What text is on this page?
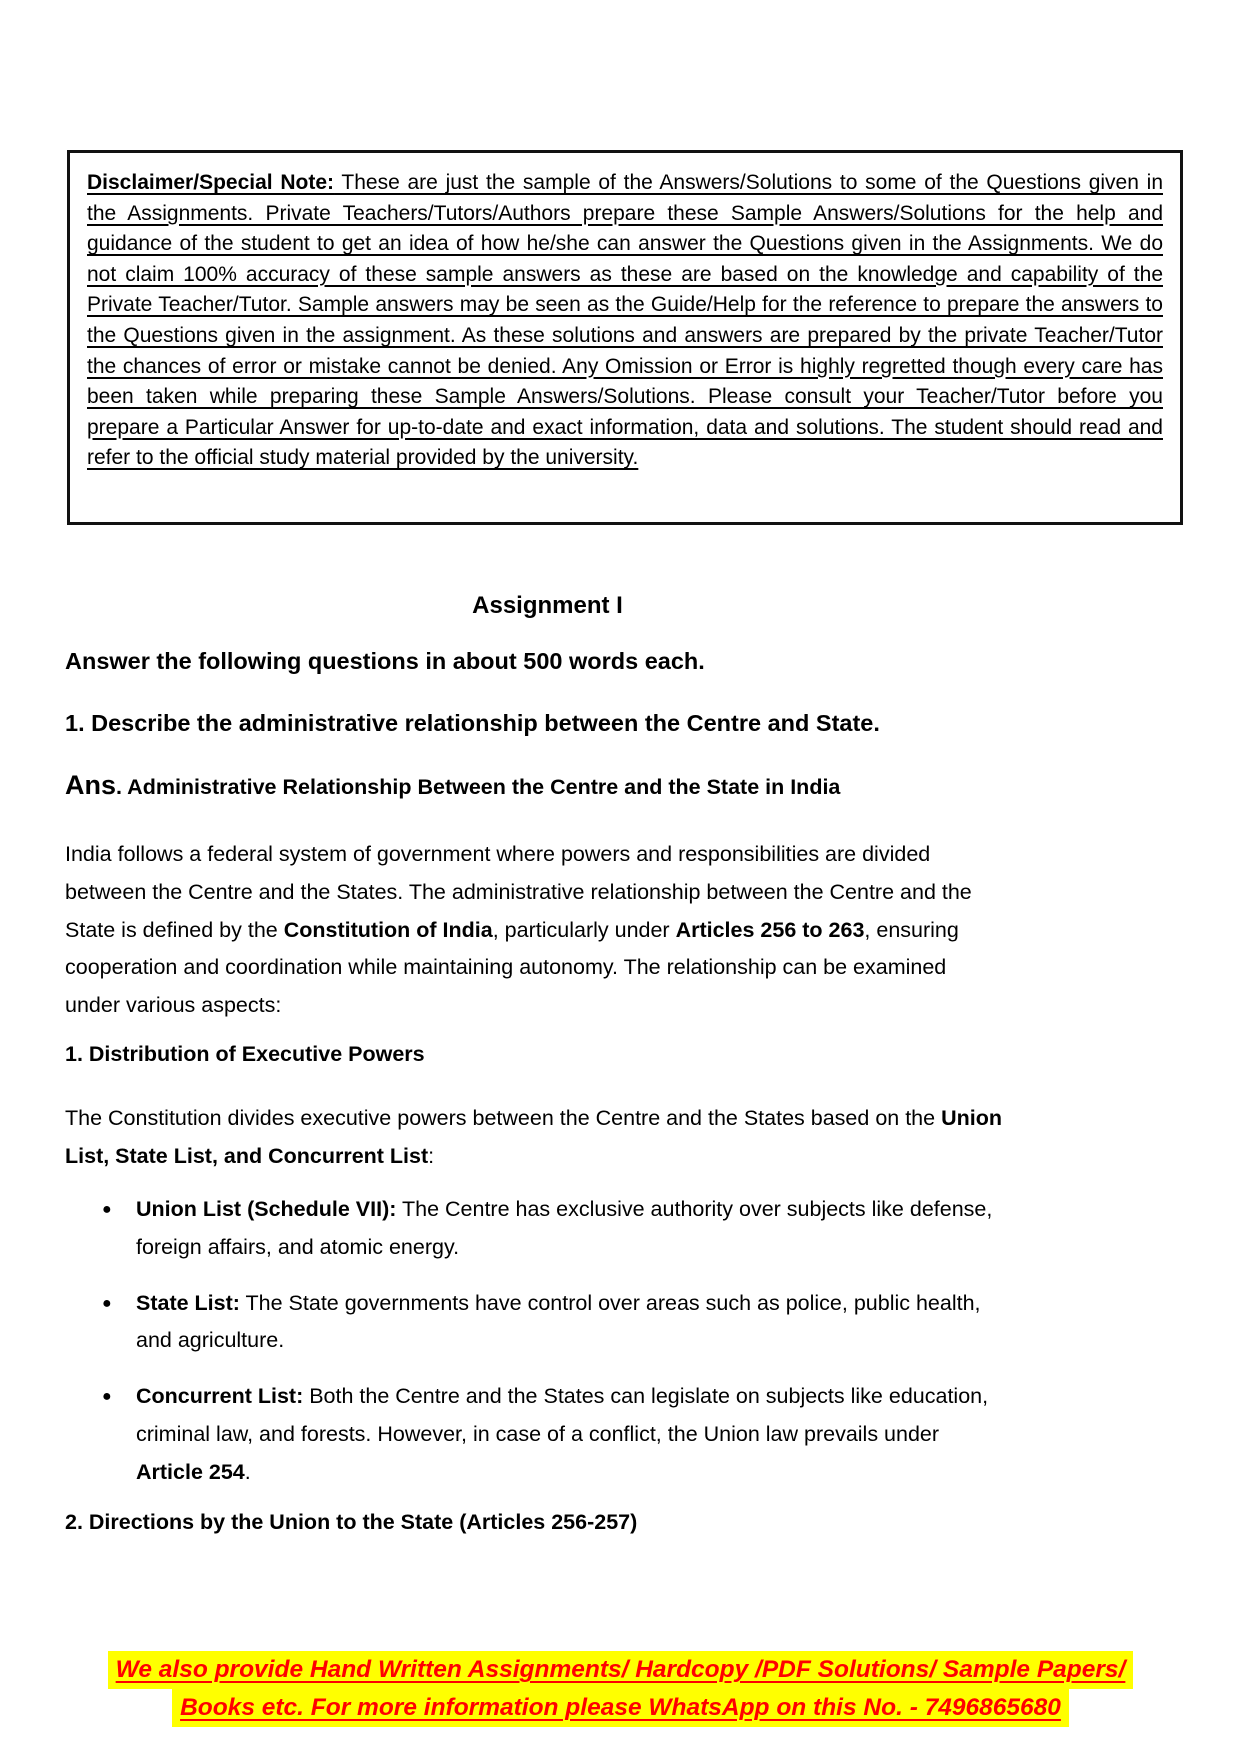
Disclaimer/Special Note: These are just the sample of the Answers/Solutions to some of the Questions given in the Assignments. Private Teachers/Tutors/Authors prepare these Sample Answers/Solutions for the help and guidance of the student to get an idea of how he/she can answer the Questions given in the Assignments. We do not claim 100% accuracy of these sample answers as these are based on the knowledge and capability of the Private Teacher/Tutor. Sample answers may be seen as the Guide/Help for the reference to prepare the answers to the Questions given in the assignment. As these solutions and answers are prepared by the private Teacher/Tutor the chances of error or mistake cannot be denied. Any Omission or Error is highly regretted though every care has been taken while preparing these Sample Answers/Solutions. Please consult your Teacher/Tutor before you prepare a Particular Answer for up-to-date and exact information, data and solutions. The student should read and refer to the official study material provided by the university.
Assignment I
Answer the following questions in about 500 words each.
1. Describe the administrative relationship between the Centre and State.
Ans. Administrative Relationship Between the Centre and the State in India
India follows a federal system of government where powers and responsibilities are divided between the Centre and the States. The administrative relationship between the Centre and the State is defined by the Constitution of India, particularly under Articles 256 to 263, ensuring cooperation and coordination while maintaining autonomy. The relationship can be examined under various aspects:
1. Distribution of Executive Powers
The Constitution divides executive powers between the Centre and the States based on the Union List, State List, and Concurrent List:
● Union List (Schedule VII): The Centre has exclusive authority over subjects like defense, foreign affairs, and atomic energy.
● State List: The State governments have control over areas such as police, public health, and agriculture.
● Concurrent List: Both the Centre and the States can legislate on subjects like education, criminal law, and forests. However, in case of a conflict, the Union law prevails under Article 254.
2. Directions by the Union to the State (Articles 256-257)
We also provide Hand Written Assignments/ Hardcopy /PDF Solutions/ Sample Papers/
Books etc. For more information please WhatsApp on this No. - 7496865680
